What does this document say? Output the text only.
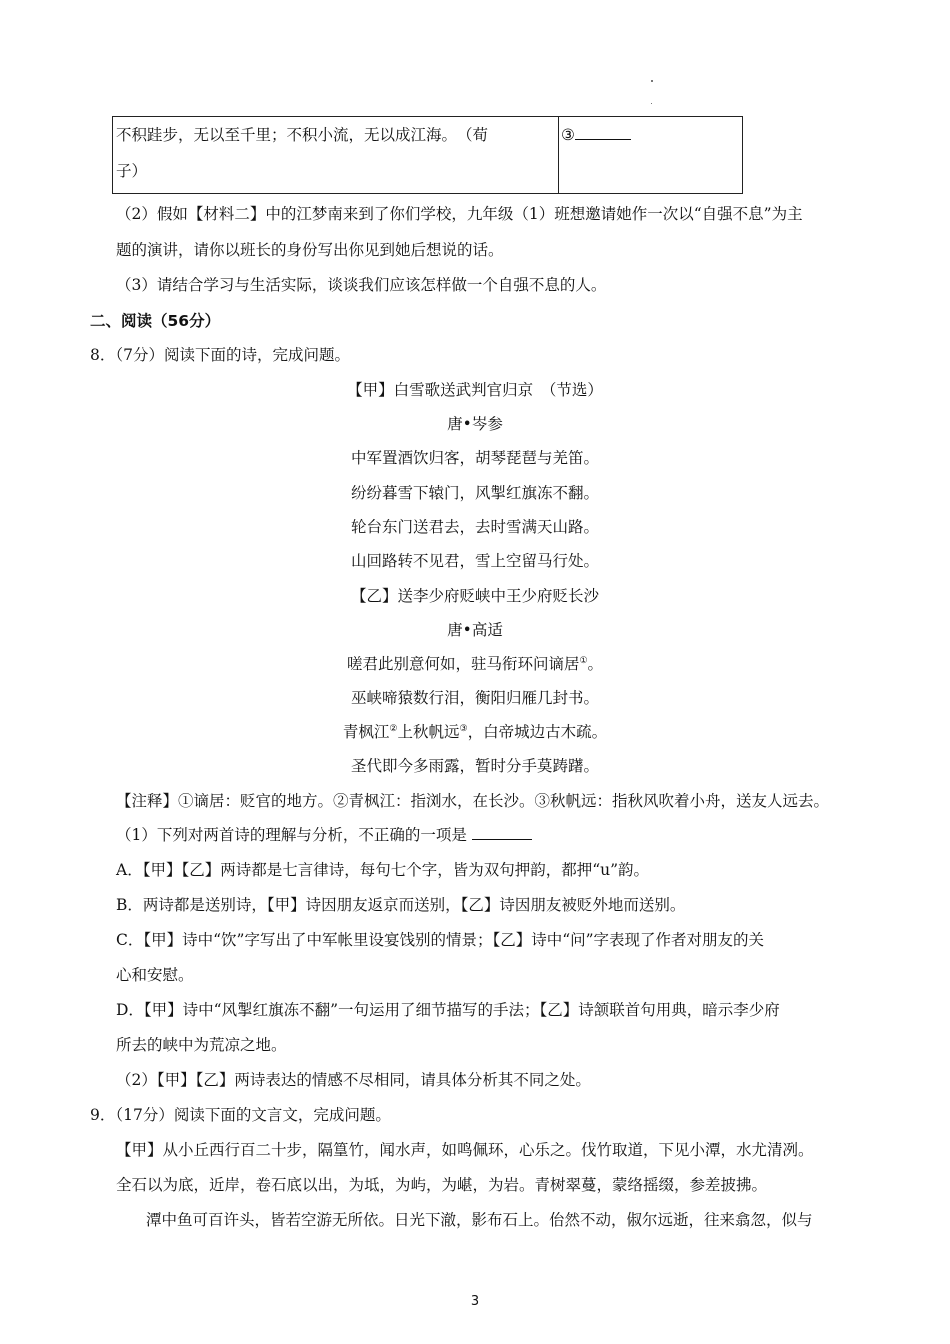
不积跬步，无以至千里；不积小流，无以成江海。　（荀
子）
	③
（2）假如【材料二】中的江梦南来到了你们学校，九年级（1）班想邀请她作一次以“自强不息”为主
题的演讲，请你以班长的身份写出你见到她后想说的话。
（3）请结合学习与生活实际，谈谈我们应该怎样做一个自强不息的人。
二、阅读（56分）
8．（7分）阅读下面的诗，完成问题。
【甲】白雪歌送武判官归京　（节选）
唐•岑参
中军置酒饮归客，胡琴琵琶与羌笛。
纷纷暮雪下辕门，风掣红旗冻不翻。
轮台东门送君去，去时雪满天山路。
山回路转不见君，雪上空留马行处。
【乙】送李少府贬峡中王少府贬长沙
唐•高适
嗟君此别意何如，驻马衔环问谪居①。
巫峡啼猿数行泪，衡阳归雁几封书。
青枫江②上秋帆远③，白帝城边古木疏。
圣代即今多雨露，暂时分手莫踌躇。
【注释】①谪居：贬官的地方。②青枫江：指浏水，在长沙。③秋帆远：指秋风吹着小舟，送友人远去。
（1）下列对两首诗的理解与分析，不正确的一项是
A．【甲】【乙】两诗都是七言律诗，每句七个字，皆为双句押韵，都押“u”韵。
B．两诗都是送别诗，【甲】诗因朋友返京而送别，【乙】诗因朋友被贬外地而送别。
C．【甲】诗中“饮”字写出了中军帐里设宴饯别的情景；【乙】诗中“问”字表现了作者对朋友的关
心和安慰。
D．【甲】诗中“风掣红旗冻不翻”一句运用了细节描写的手法；【乙】诗颔联首句用典，暗示李少府
所去的峡中为荒凉之地。
（2）【甲】【乙】两诗表达的情感不尽相同，请具体分析其不同之处。
9．（17分）阅读下面的文言文，完成问题。
【甲】从小丘西行百二十步，隔篁竹，闻水声，如鸣佩环，心乐之。伐竹取道，下见小潭，水尤清冽。
全石以为底，近岸，卷石底以出，为坻，为屿，为嵁，为岩。青树翠蔓，蒙络摇缀，参差披拂。
潭中鱼可百许头，皆若空游无所依。日光下澈，影布石上。佁然不动，俶尔远逝，往来翕忽，似与
3
